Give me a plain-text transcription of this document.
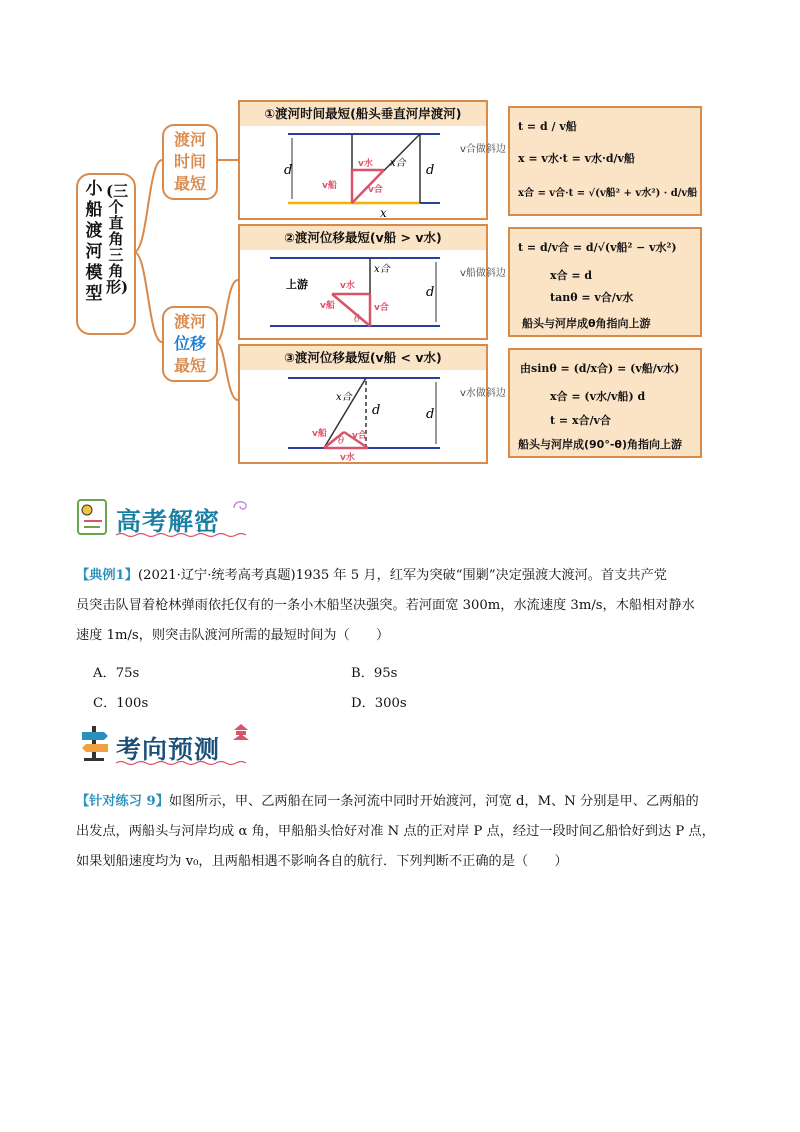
小船渡河模型
(三个直角三角形)
渡河
时间
最短
渡河
位移
最短
①渡河时间最短(船头垂直河岸渡河)
d	d
x
x合
v水
v船	v合
v合做斜边
②渡河位移最短(v船 > v水)
d
x合
v水
v船	v合
上游
θ
v船做斜边
③渡河位移最短(v船 < v水)
d
d
x合
v船	v合
v水
θ
v水做斜边
t = d / v船
x = v水·t = v水·d/v船
x合 = v合·t = √(v船² + v水²) · d/v船
t = d/v合 = d/√(v船² − v水²)
x合 = d
tanθ = v合/v水
船头与河岸成θ角指向上游
由sinθ = (d/x合) = (v船/v水)
x合 = (v水/v船) d
t = x合/v合
船头与河岸成(90°-θ)角指向上游
高考解密
【典例1】(2021·辽宁·统考高考真题)1935 年 5 月，红军为突破“围剿”决定强渡大渡河。首支共产党
员突击队冒着枪林弹雨依托仅有的一条小木船坚决强突。若河面宽 300m，水流速度 3m/s，木船相对静水
速度 1m/s，则突击队渡河所需的最短时间为（　　）
A．75s	B．95s
C．100s	D．300s
考向预测
【针对练习 9】如图所示，甲、乙两船在同一条河流中同时开始渡河，河宽 d，M、N 分别是甲、乙两船的
出发点，两船头与河岸均成 α 角，甲船船头恰好对准 N 点的正对岸 P 点，经过一段时间乙船恰好到达 P 点，
如果划船速度均为 v₀，且两船相遇不影响各自的航行．下列判断不正确的是（　　）
